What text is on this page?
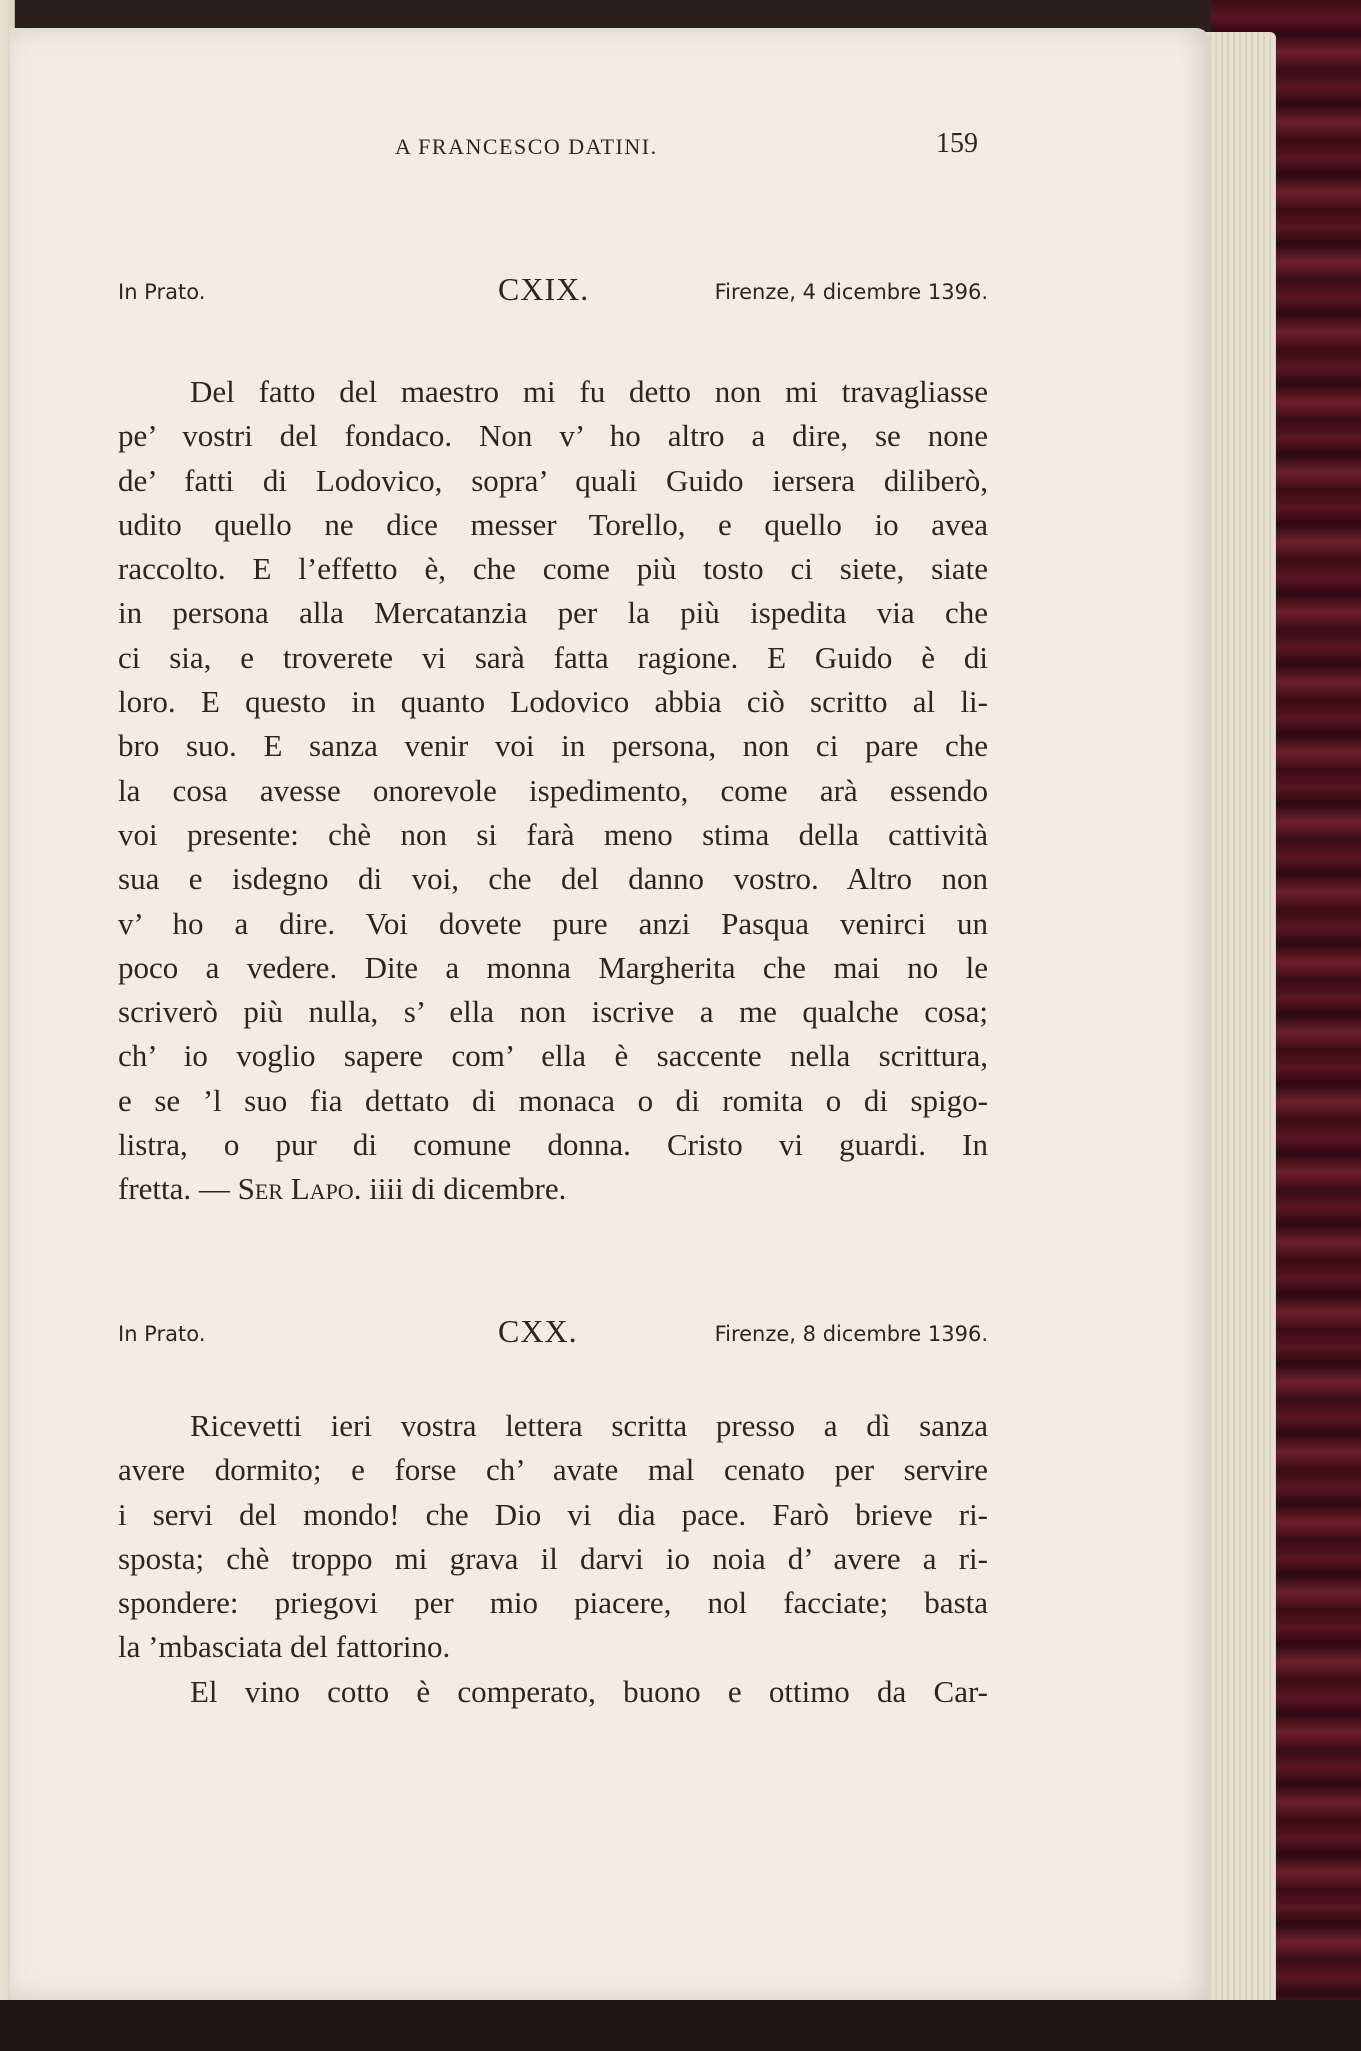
A FRANCESCO DATINI.	159
In Prato.	CXIX.	Firenze, 4 dicembre 1396.
Del fatto del maestro mi fu detto non mi travagliasse
pe’ vostri del fondaco. Non v’ ho altro a dire, se none
de’ fatti di Lodovico, sopra’ quali Guido iersera diliberò,
udito quello ne dice messer Torello, e quello io avea
raccolto. E l’effetto è, che come più tosto ci siete, siate
in persona alla Mercatanzia per la più ispedita via che
ci sia, e troverete vi sarà fatta ragione. E Guido è di
loro. E questo in quanto Lodovico abbia ciò scritto al li-
bro suo. E sanza venir voi in persona, non ci pare che
la cosa avesse onorevole ispedimento, come arà essendo
voi presente: chè non si farà meno stima della cattività
sua e isdegno di voi, che del danno vostro. Altro non
v’ ho a dire. Voi dovete pure anzi Pasqua venirci un
poco a vedere. Dite a monna Margherita che mai no le
scriverò più nulla, s’ ella non iscrive a me qualche cosa;
ch’ io voglio sapere com’ ella è saccente nella scrittura,
e se ’l suo fia dettato di monaca o di romita o di spigo-
listra, o pur di comune donna. Cristo vi guardi. In
fretta. — Ser Lapo. iiii di dicembre.
In Prato.	CXX.	Firenze, 8 dicembre 1396.
Ricevetti ieri vostra lettera scritta presso a dì sanza
avere dormito; e forse ch’ avate mal cenato per servire
i servi del mondo! che Dio vi dia pace. Farò brieve ri-
sposta; chè troppo mi grava il darvi io noia d’ avere a ri-
spondere: priegovi per mio piacere, nol facciate; basta
la ’mbasciata del fattorino.
El vino cotto è comperato, buono e ottimo da Car-
